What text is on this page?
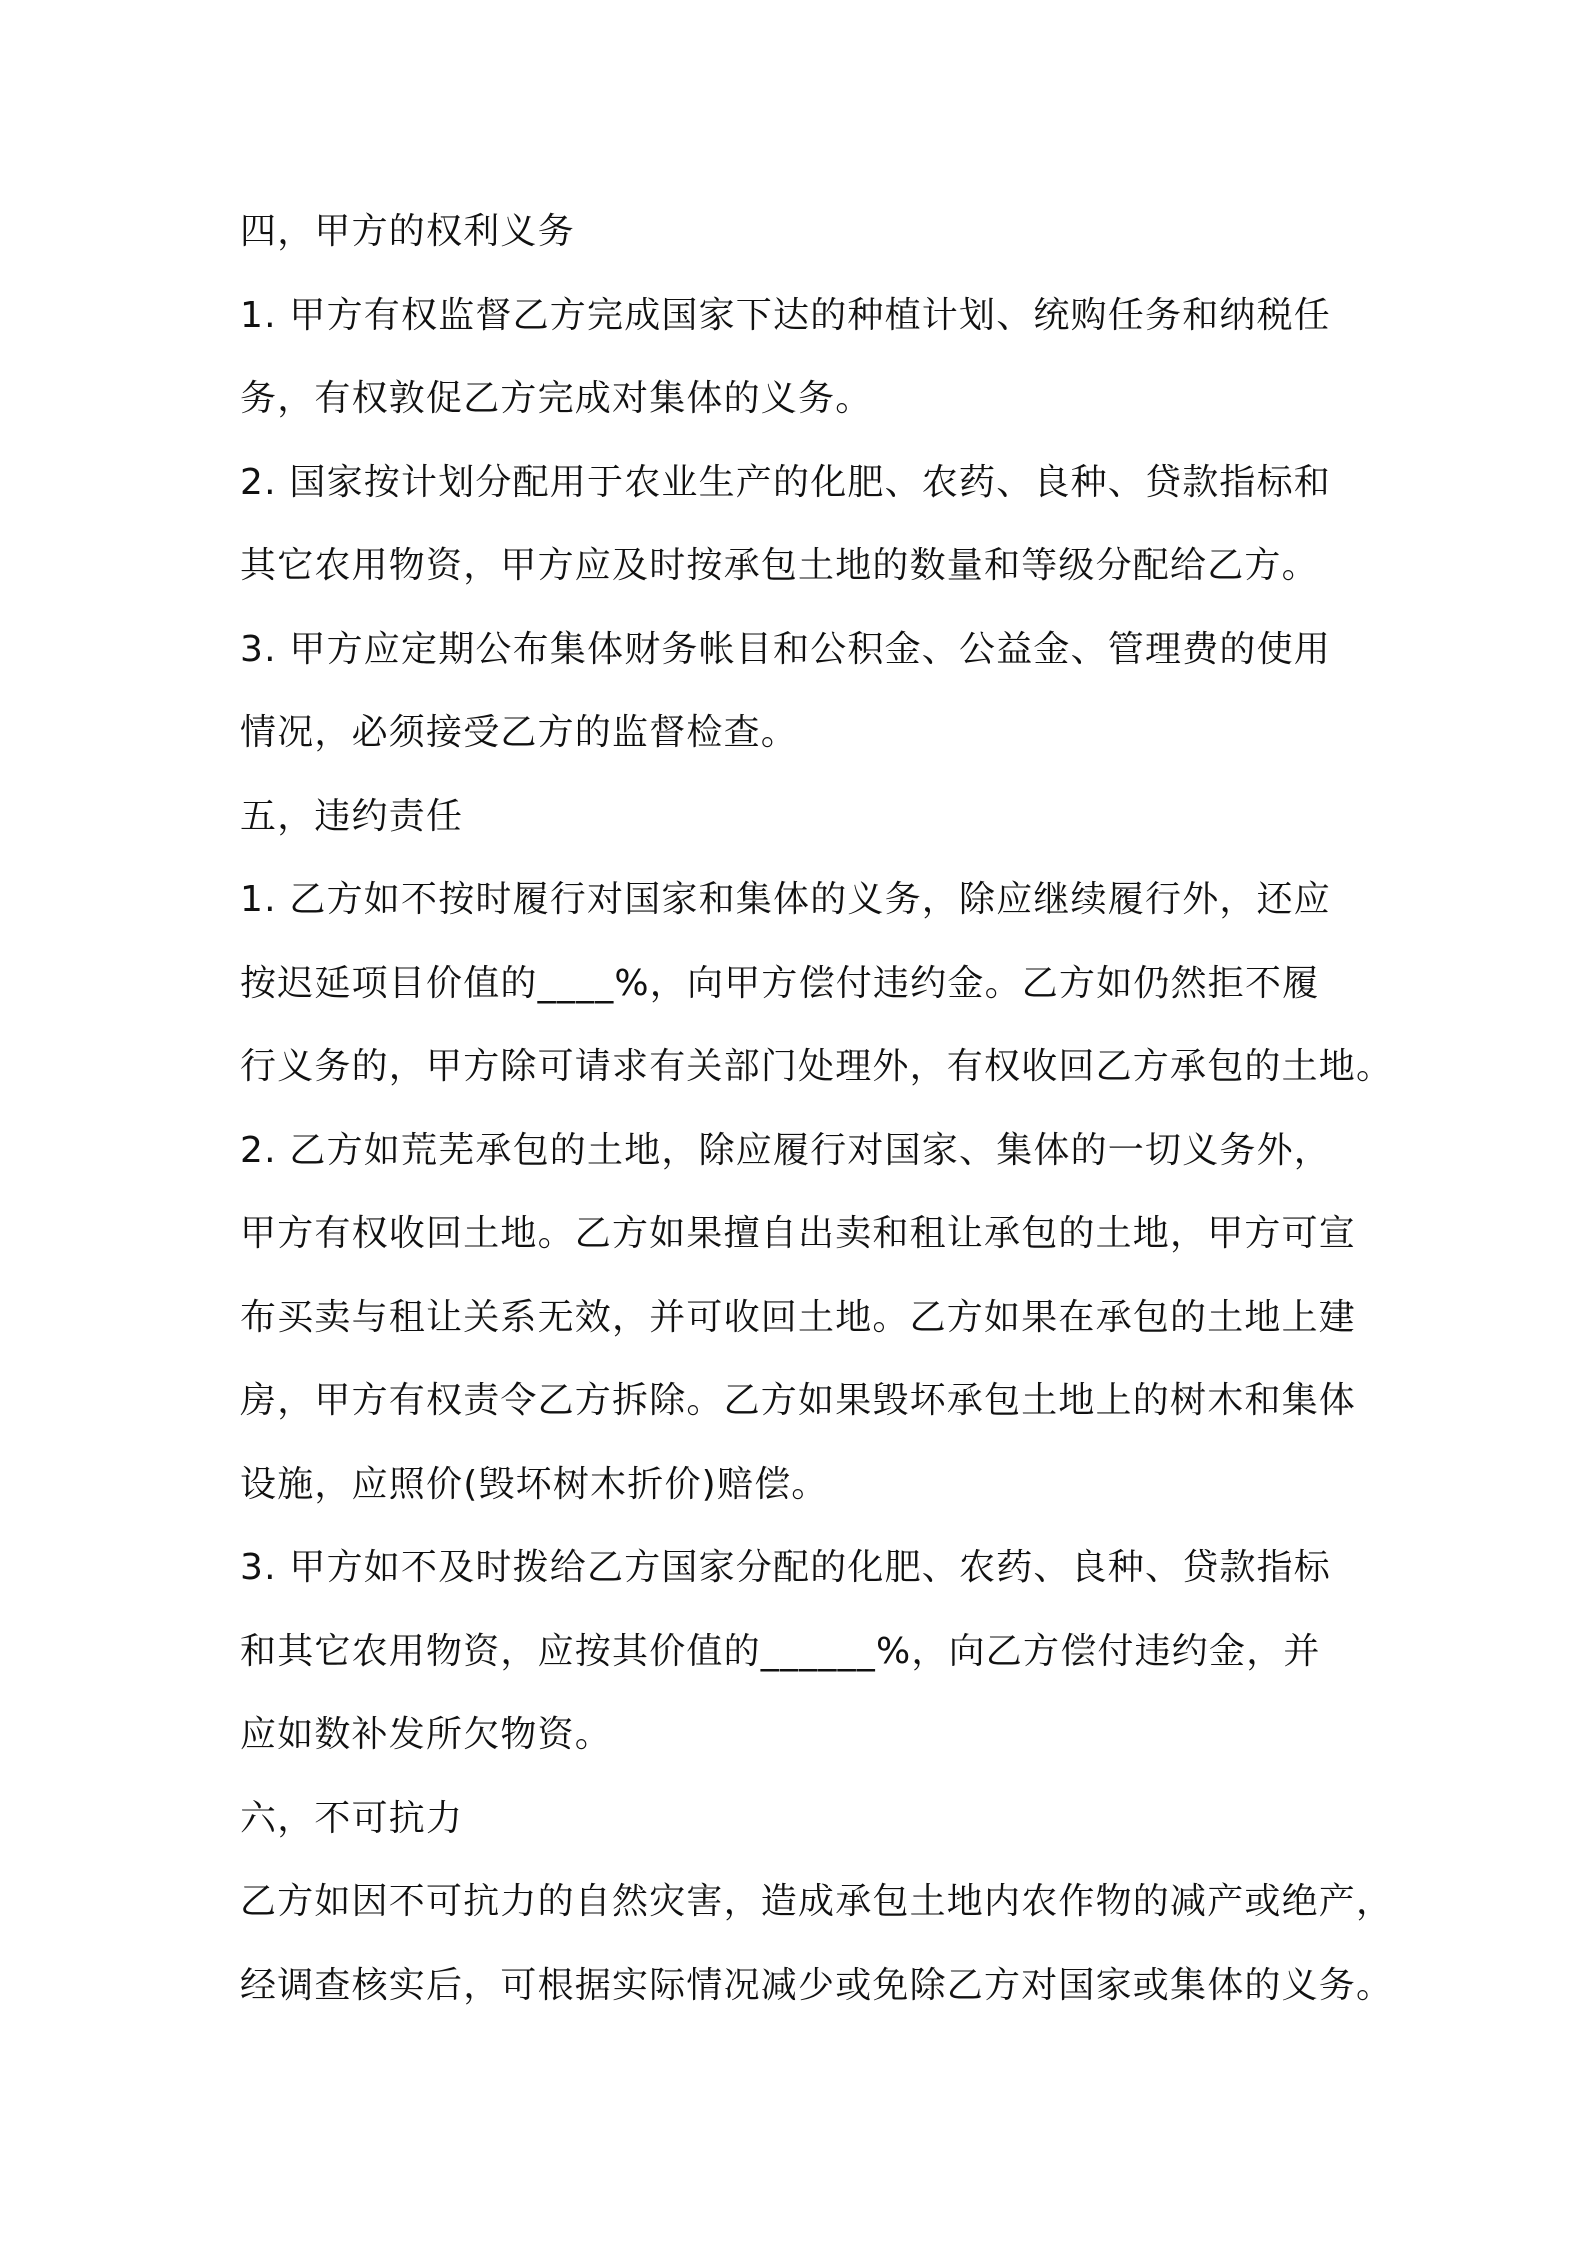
四，甲方的权利义务
1. 甲方有权监督乙方完成国家下达的种植计划、统购任务和纳税任
务，有权敦促乙方完成对集体的义务。
2. 国家按计划分配用于农业生产的化肥、农药、良种、贷款指标和
其它农用物资，甲方应及时按承包土地的数量和等级分配给乙方。
3. 甲方应定期公布集体财务帐目和公积金、公益金、管理费的使用
情况，必须接受乙方的监督检查。
五，违约责任
1. 乙方如不按时履行对国家和集体的义务，除应继续履行外，还应
按迟延项目价值的____%，向甲方偿付违约金。乙方如仍然拒不履
行义务的，甲方除可请求有关部门处理外，有权收回乙方承包的土地。
2. 乙方如荒芜承包的土地，除应履行对国家、集体的一切义务外，
甲方有权收回土地。乙方如果擅自出卖和租让承包的土地，甲方可宣
布买卖与租让关系无效，并可收回土地。乙方如果在承包的土地上建
房，甲方有权责令乙方拆除。乙方如果毁坏承包土地上的树木和集体
设施，应照价(毁坏树木折价)赔偿。
3. 甲方如不及时拨给乙方国家分配的化肥、农药、良种、贷款指标
和其它农用物资，应按其价值的______%，向乙方偿付违约金，并
应如数补发所欠物资。
六，不可抗力
乙方如因不可抗力的自然灾害，造成承包土地内农作物的减产或绝产，
经调查核实后，可根据实际情况减少或免除乙方对国家或集体的义务。
